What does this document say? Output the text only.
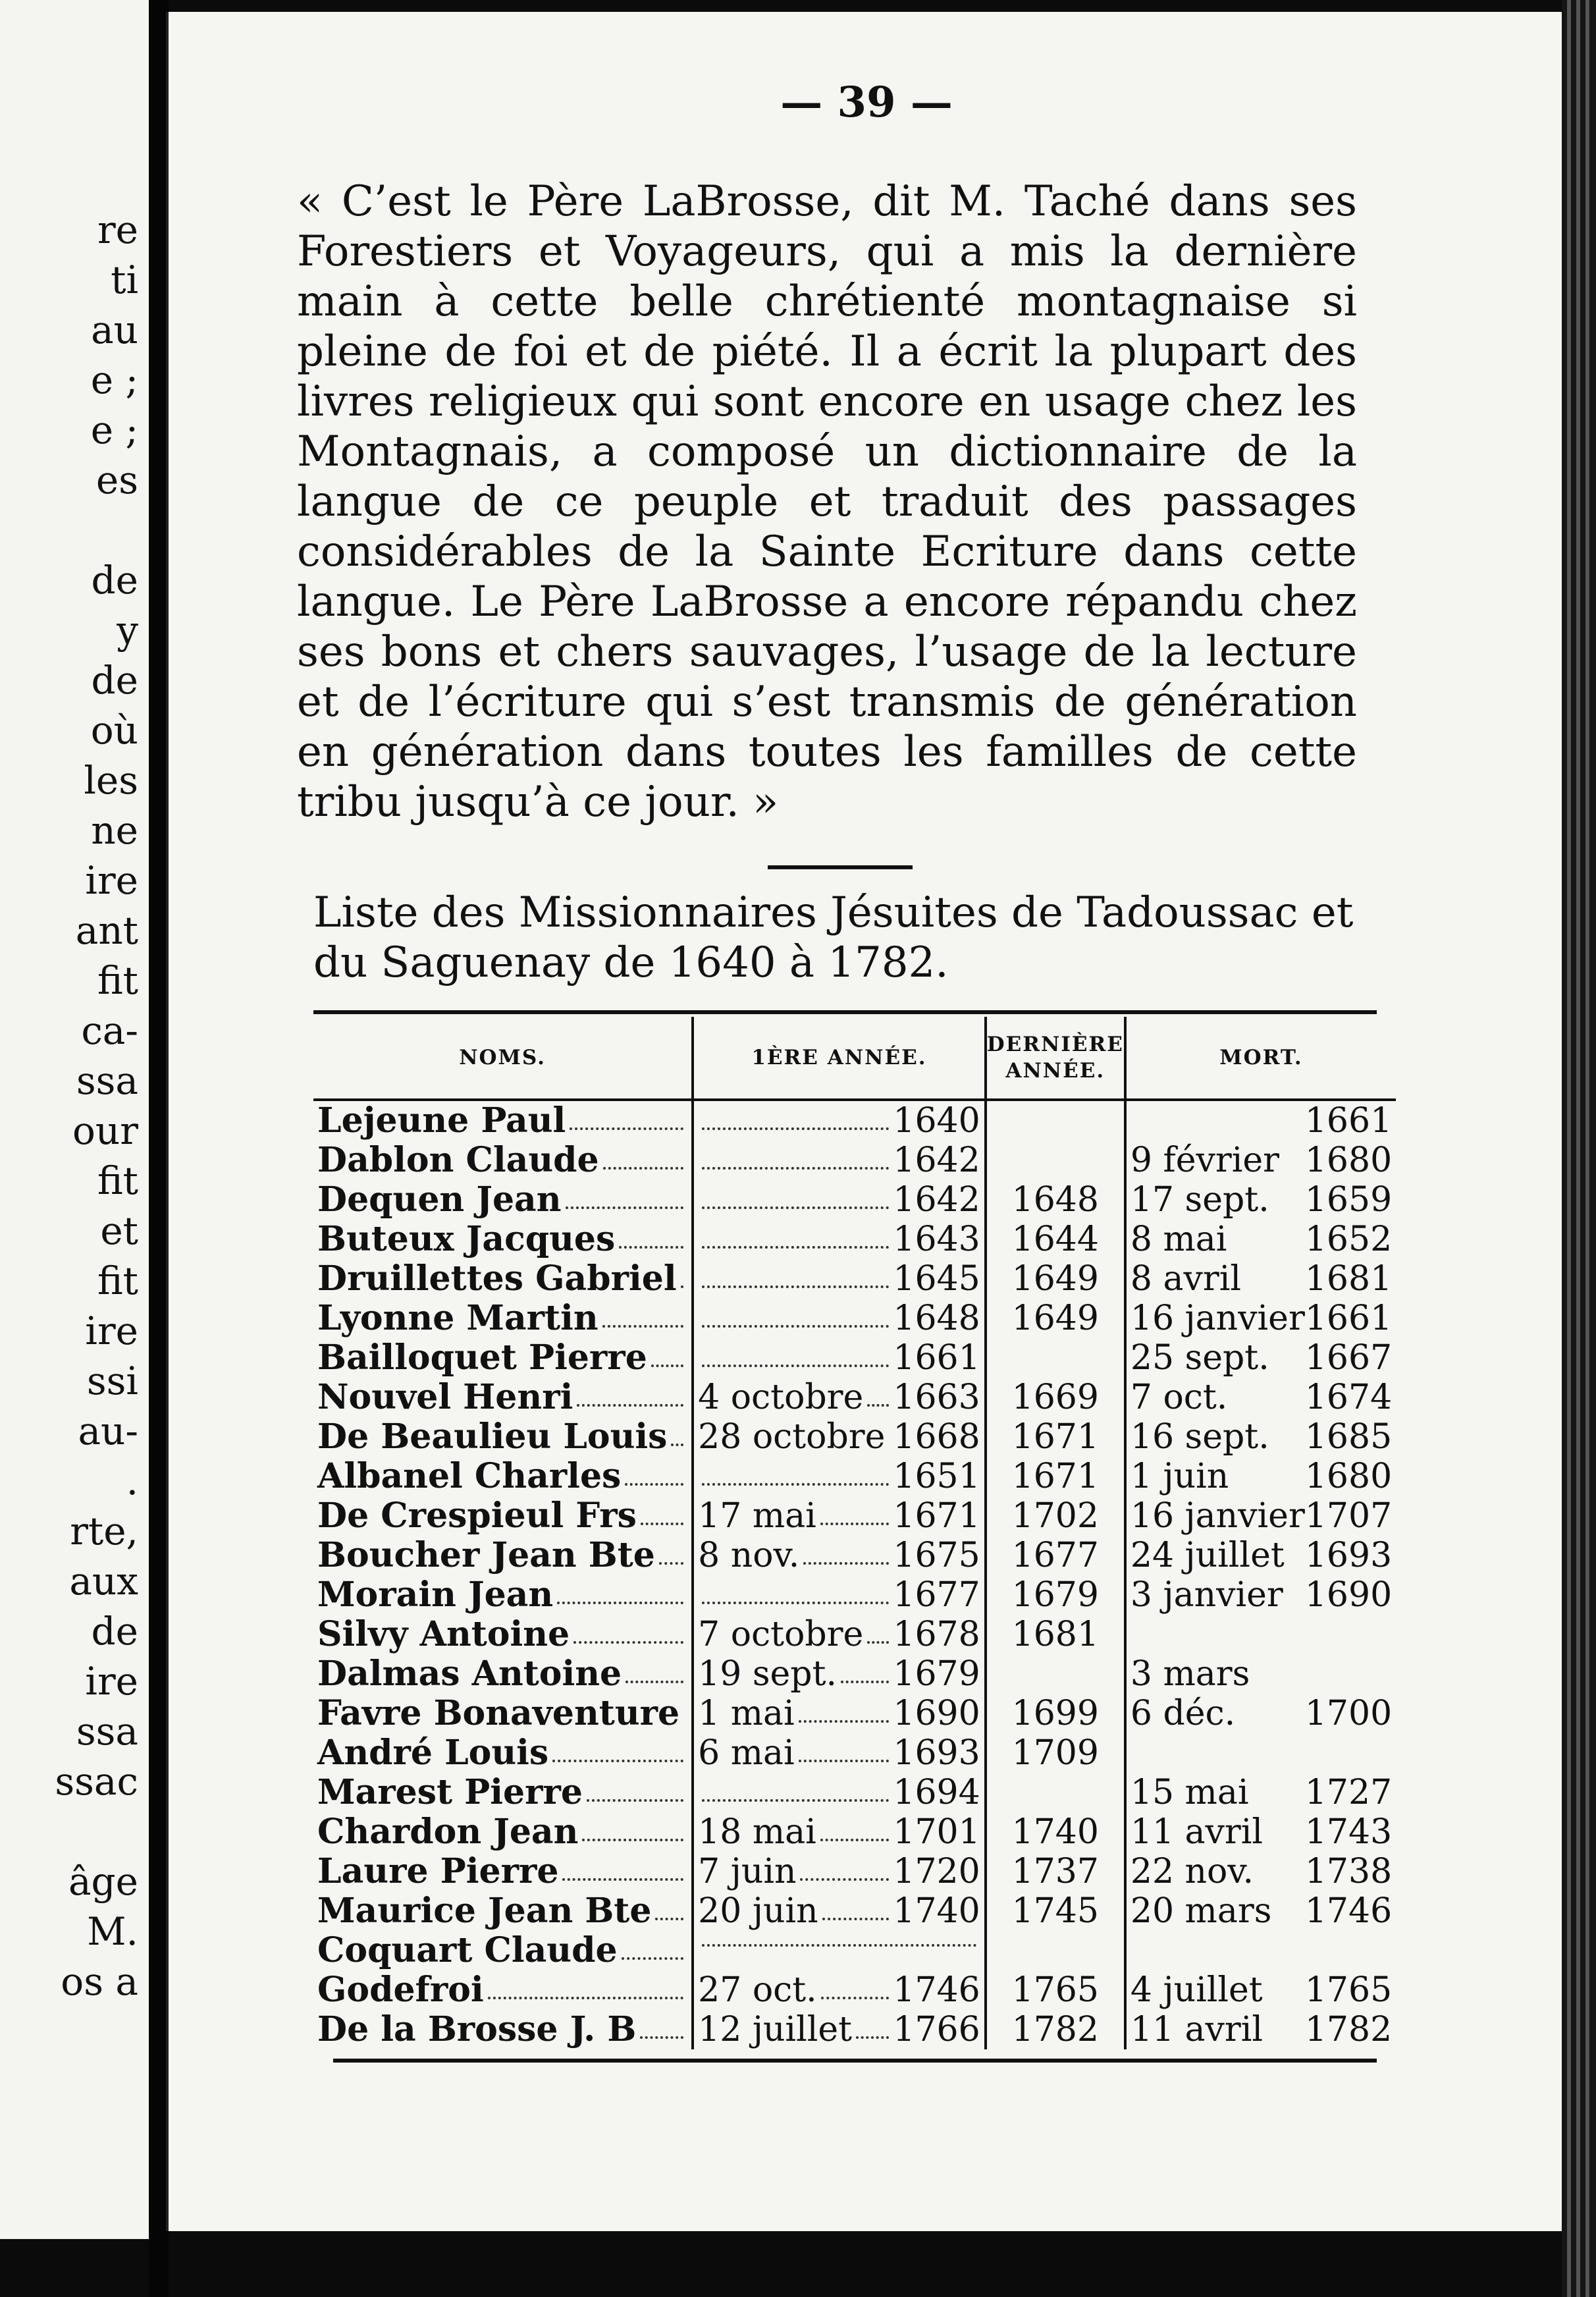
re
ti
au
e ;
e ;
es
de
y
de
où
les
ne
ire
ant
fit
ca-
ssa
our
fit
et
fit
ire
ssi
au-
.
rte,
aux
de
ire
ssa
ssac
âge
M.
os a
— 39 —
« C’est le Père LaBrosse, dit M. Taché dans ses Forestiers et Voyageurs, qui a mis la dernière main à cette belle chrétienté montagnaise si pleine de foi et de piété. Il a écrit la plupart des livres religieux qui sont encore en usage chez les Montagnais, a composé un dictionnaire de la langue de ce peuple et traduit des passages considérables de la Sainte Ecriture dans cette langue. Le Père LaBrosse a encore répandu chez ses bons et chers sauvages, l’usage de la lecture et de l’écriture qui s’est transmis de génération en génération dans toutes les familles de cette tribu jusqu’à ce jour. »
Liste des Missionnaires Jésuites de Tadoussac et du Saguenay de 1640 à 1782.
NOMS.	1ÈRE ANNÉE.	DERNIÈRE ANNÉE.	MORT.

Lejeune Paul	1640		1661

Dablon Claude	1642		9 février 1680

Dequen Jean	1642	1648	17 sept. 1659

Buteux Jacques	1643	1644	8 mai 1652

Druillettes Gabriel	1645	1649	8 avril 1681

Lyonne Martin	1648	1649	16 janvier 1661

Bailloquet Pierre	1661		25 sept. 1667

Nouvel Henri	4 octobre 1663	1669	7 oct. 1674

De Beaulieu Louis	28 octobre 1668	1671	16 sept. 1685

Albanel Charles	1651	1671	1 juin 1680

De Crespieul Frs	17 mai 1671	1702	16 janvier 1707

Boucher Jean Bte	8 nov. 1675	1677	24 juillet 1693

Morain Jean	1677	1679	3 janvier 1690

Silvy Antoine	7 octobre 1678	1681	

Dalmas Antoine	19 sept. 1679		3 mars

Favre Bonaventure	1 mai 1690	1699	6 déc. 1700

André Louis	6 mai 1693	1709	

Marest Pierre	1694		15 mai 1727

Chardon Jean	18 mai 1701	1740	11 avril 1743

Laure Pierre	7 juin 1720	1737	22 nov. 1738

Maurice Jean Bte	20 juin 1740	1745	20 mars 1746

Coquart Claude			

Godefroi	27 oct. 1746	1765	4 juillet 1765

De la Brosse J. B	12 juillet 1766	1782	11 avril 1782
